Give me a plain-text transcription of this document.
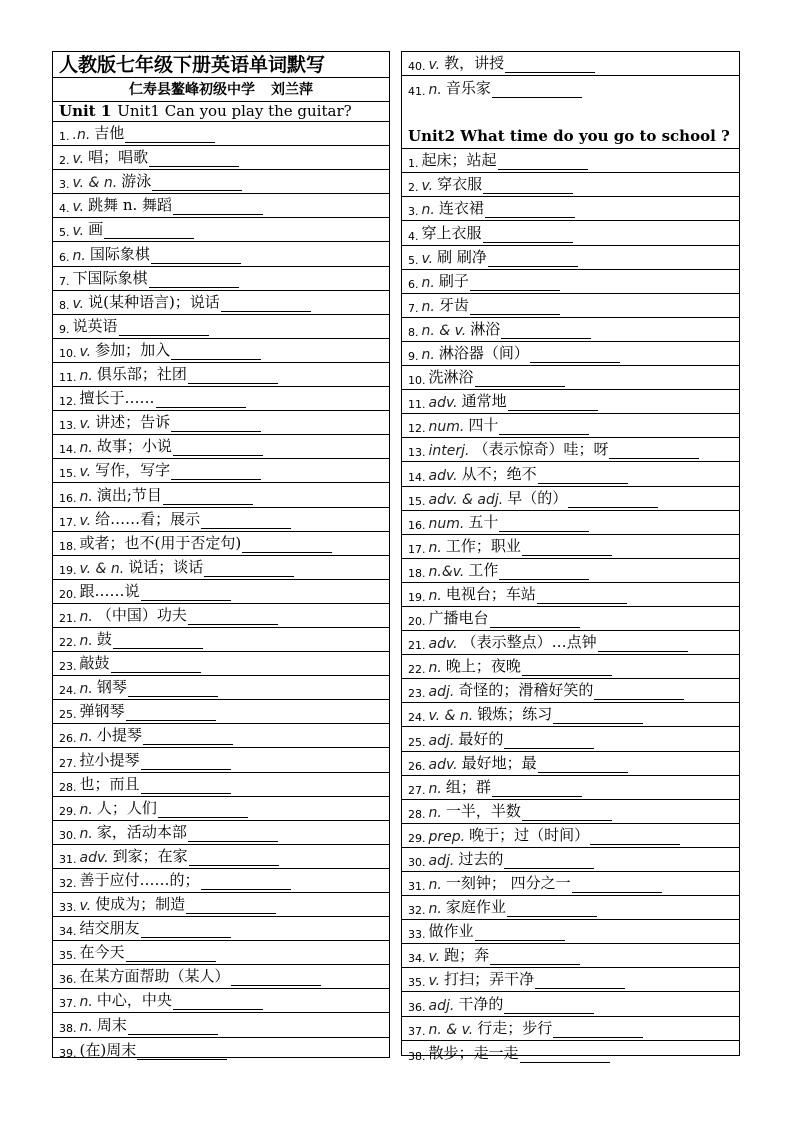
人教版七年级下册英语单词默写
仁寿县鳌峰初级中学 刘兰萍
Unit 1 Unit1 Can you play the guitar?
1. .n. 吉他
2. v. 唱；唱歌
3. v. & n. 游泳
4. v. 跳舞 n. 舞蹈
5. v. 画
6. n. 国际象棋
7. 下国际象棋
8. v. 说(某种语言)；说话
9. 说英语
10. v. 参加；加入
11. n. 俱乐部；社团
12. 擅长于……
13. v. 讲述；告诉
14. n. 故事；小说
15. v. 写作，写字
16. n. 演出;节目
17. v. 给……看；展示
18. 或者；也不(用于否定句)
19. v. & n. 说话；谈话
20. 跟……说
21. n. （中国）功夫
22. n. 鼓
23. 敲鼓
24. n. 钢琴
25. 弹钢琴
26. n. 小提琴
27. 拉小提琴
28. 也；而且
29. n. 人；人们
30. n. 家，活动本部
31. adv. 到家；在家
32. 善于应付……的；
33. v. 使成为；制造
34. 结交朋友
35. 在今天
36. 在某方面帮助（某人）
37. n. 中心，中央
38. n. 周末
39. (在)周末
40. v. 教，讲授
41. n. 音乐家
Unit2 What time do you go to school ?
1. 起床；站起
2. v. 穿衣服
3. n. 连衣裙
4. 穿上衣服
5. v. 刷 刷净
6. n. 刷子
7. n. 牙齿
8. n. & v. 淋浴
9. n. 淋浴器（间）
10. 洗淋浴
11. adv. 通常地
12. num. 四十
13. interj. （表示惊奇）哇；呀
14. adv. 从不；绝不
15. adv. & adj. 早（的）
16. num. 五十
17. n. 工作；职业
18. n.&v. 工作
19. n. 电视台；车站
20. 广播电台
21. adv. （表示整点）…点钟
22. n. 晚上；夜晚
23. adj. 奇怪的；滑稽好笑的
24. v. & n. 锻炼；练习
25. adj. 最好的
26. adv. 最好地；最
27. n. 组；群
28. n. 一半，半数
29. prep. 晚于；过（时间）
30. adj. 过去的
31. n. 一刻钟； 四分之一
32. n. 家庭作业
33. 做作业
34. v. 跑；奔
35. v. 打扫；弄干净
36. adj. 干净的
37. n. & v. 行走；步行
38. 散步；走一走
